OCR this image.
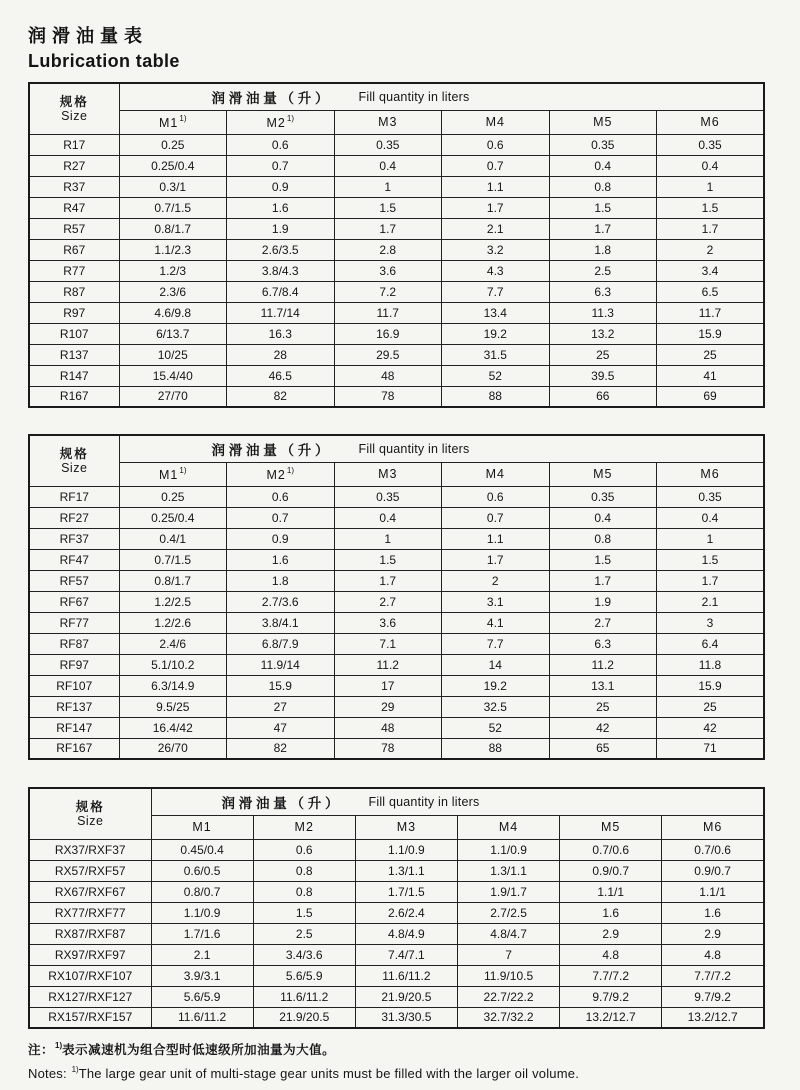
润滑油量表
Lubrication table
规格
Size	润 滑 油 量 （ 升 ） Fill quantity in liters					

	M1$^{1)}$	M2$^{1)}$	M3	M4	M5	M6
R17	0.25	0.6	0.35	0.6	0.35	0.35
R27	0.25/0.4	0.7	0.4	0.7	0.4	0.4
R37	0.3/1	0.9	1	1.1	0.8	1
R47	0.7/1.5	1.6	1.5	1.7	1.5	1.5
R57	0.8/1.7	1.9	1.7	2.1	1.7	1.7
R67	1.1/2.3	2.6/3.5	2.8	3.2	1.8	2
R77	1.2/3	3.8/4.3	3.6	4.3	2.5	3.4
R87	2.3/6	6.7/8.4	7.2	7.7	6.3	6.5
R97	4.6/9.8	11.7/14	11.7	13.4	11.3	11.7
R107	6/13.7	16.3	16.9	19.2	13.2	15.9
R137	10/25	28	29.5	31.5	25	25
R147	15.4/40	46.5	48	52	39.5	41
R167	27/70	82	78	88	66	69
规格
Size	润 滑 油 量 （ 升 ） Fill quantity in liters					

	M1$^{1)}$	M2$^{1)}$	M3	M4	M5	M6
RF17	0.25	0.6	0.35	0.6	0.35	0.35
RF27	0.25/0.4	0.7	0.4	0.7	0.4	0.4
RF37	0.4/1	0.9	1	1.1	0.8	1
RF47	0.7/1.5	1.6	1.5	1.7	1.5	1.5
RF57	0.8/1.7	1.8	1.7	2	1.7	1.7
RF67	1.2/2.5	2.7/3.6	2.7	3.1	1.9	2.1
RF77	1.2/2.6	3.8/4.1	3.6	4.1	2.7	3
RF87	2.4/6	6.8/7.9	7.1	7.7	6.3	6.4
RF97	5.1/10.2	11.9/14	11.2	14	11.2	11.8
RF107	6.3/14.9	15.9	17	19.2	13.1	15.9
RF137	9.5/25	27	29	32.5	25	25
RF147	16.4/42	47	48	52	42	42
RF167	26/70	82	78	88	65	71
规格
Size	润 滑 油 量 （ 升 ） Fill quantity in liters					

	M1	M2	M3	M4	M5	M6
RX37/RXF37	0.45/0.4	0.6	1.1/0.9	1.1/0.9	0.7/0.6	0.7/0.6
RX57/RXF57	0.6/0.5	0.8	1.3/1.1	1.3/1.1	0.9/0.7	0.9/0.7
RX67/RXF67	0.8/0.7	0.8	1.7/1.5	1.9/1.7	1.1/1	1.1/1
RX77/RXF77	1.1/0.9	1.5	2.6/2.4	2.7/2.5	1.6	1.6
RX87/RXF87	1.7/1.6	2.5	4.8/4.9	4.8/4.7	2.9	2.9
RX97/RXF97	2.1	3.4/3.6	7.4/7.1	7	4.8	4.8
RX107/RXF107	3.9/3.1	5.6/5.9	11.6/11.2	11.9/10.5	7.7/7.2	7.7/7.2
RX127/RXF127	5.6/5.9	11.6/11.2	21.9/20.5	22.7/22.2	9.7/9.2	9.7/9.2
RX157/RXF157	11.6/11.2	21.9/20.5	31.3/30.5	32.7/32.2	13.2/12.7	13.2/12.7
注：$^{1)}$表示减速机为组合型时低速级所加油量为大值。
Notes: $^{1)}$The large gear unit of multi-stage gear units must be filled with the larger oil volume.
